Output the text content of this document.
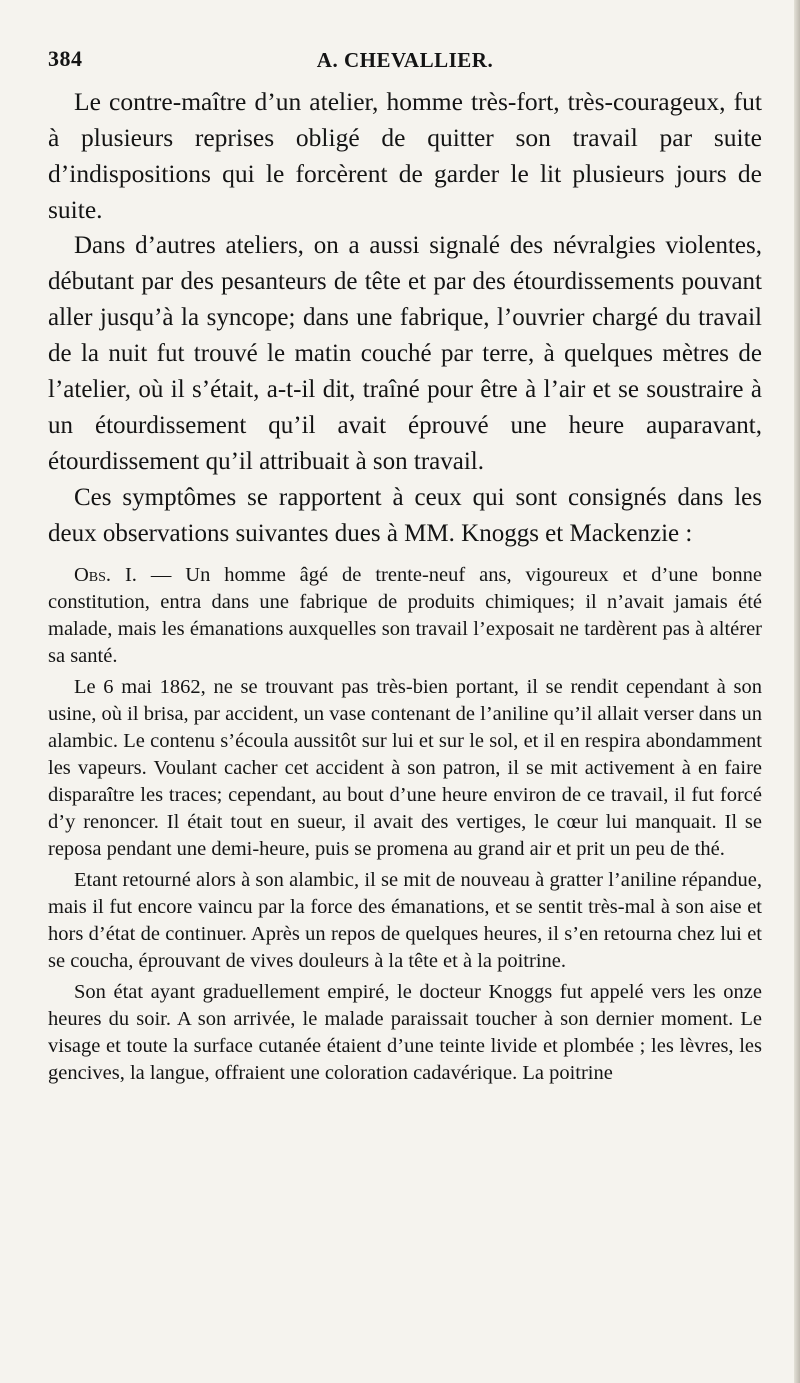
384	A. CHEVALLIER.

Le contre-maître d’un atelier, homme très-fort, très-courageux, fut à plusieurs reprises obligé de quitter son travail par suite d’indispositions qui le forcèrent de garder le lit plusieurs jours de suite.

Dans d’autres ateliers, on a aussi signalé des névralgies violentes, débutant par des pesanteurs de tête et par des étourdissements pouvant aller jusqu’à la syncope; dans une fabrique, l’ouvrier chargé du travail de la nuit fut trouvé le matin couché par terre, à quelques mètres de l’atelier, où il s’était, a-t-il dit, traîné pour être à l’air et se soustraire à un étourdissement qu’il avait éprouvé une heure auparavant, étourdissement qu’il attribuait à son travail.

Ces symptômes se rapportent à ceux qui sont consignés dans les deux observations suivantes dues à MM. Knoggs et Mackenzie :

Obs. I. — Un homme âgé de trente-neuf ans, vigoureux et d’une bonne constitution, entra dans une fabrique de produits chimiques; il n’avait jamais été malade, mais les émanations auxquelles son travail l’exposait ne tardèrent pas à altérer sa santé.

Le 6 mai 1862, ne se trouvant pas très-bien portant, il se rendit cependant à son usine, où il brisa, par accident, un vase contenant de l’aniline qu’il allait verser dans un alambic. Le contenu s’écoula aussitôt sur lui et sur le sol, et il en respira abondamment les vapeurs. Voulant cacher cet accident à son patron, il se mit activement à en faire disparaître les traces; cependant, au bout d’une heure environ de ce travail, il fut forcé d’y renoncer. Il était tout en sueur, il avait des vertiges, le cœur lui manquait. Il se reposa pendant une demi-heure, puis se promena au grand air et prit un peu de thé.

Etant retourné alors à son alambic, il se mit de nouveau à gratter l’aniline répandue, mais il fut encore vaincu par la force des émanations, et se sentit très-mal à son aise et hors d’état de continuer. Après un repos de quelques heures, il s’en retourna chez lui et se coucha, éprouvant de vives douleurs à la tête et à la poitrine.

Son état ayant graduellement empiré, le docteur Knoggs fut appelé vers les onze heures du soir. A son arrivée, le malade paraissait toucher à son dernier moment. Le visage et toute la surface cutanée étaient d’une teinte livide et plombée ; les lèvres, les gencives, la langue, offraient une coloration cadavérique. La poitrine
